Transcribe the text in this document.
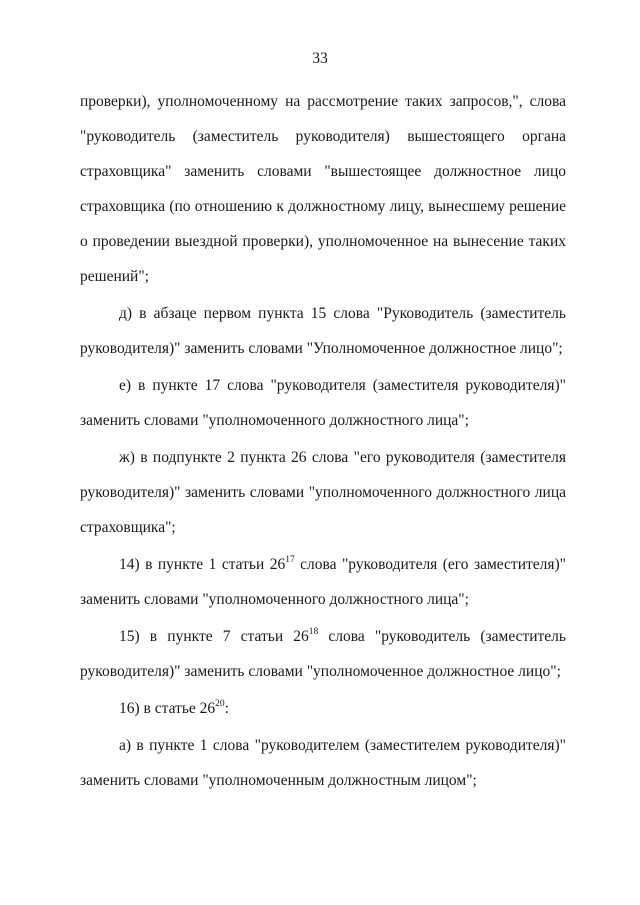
33

проверки), уполномоченному на рассмотрение таких запросов,", слова "руководитель (заместитель руководителя) вышестоящего органа страховщика" заменить словами "вышестоящее должностное лицо страховщика (по отношению к должностному лицу, вынесшему решение о проведении выездной проверки), уполномоченное на вынесение таких решений";

д) в абзаце первом пункта 15 слова "Руководитель (заместитель руководителя)" заменить словами "Уполномоченное должностное лицо";

е) в пункте 17 слова "руководителя (заместителя руководителя)" заменить словами "уполномоченного должностного лица";

ж) в подпункте 2 пункта 26 слова "его руководителя (заместителя руководителя)" заменить словами "уполномоченного должностного лица страховщика";

14) в пункте 1 статьи $26^{17}$ слова "руководителя (его заместителя)" заменить словами "уполномоченного должностного лица";

15) в пункте 7 статьи $26^{18}$ слова "руководитель (заместитель руководителя)" заменить словами "уполномоченное должностное лицо";

16) в статье $26^{20}$:

а) в пункте 1 слова "руководителем (заместителем руководителя)" заменить словами "уполномоченным должностным лицом";
